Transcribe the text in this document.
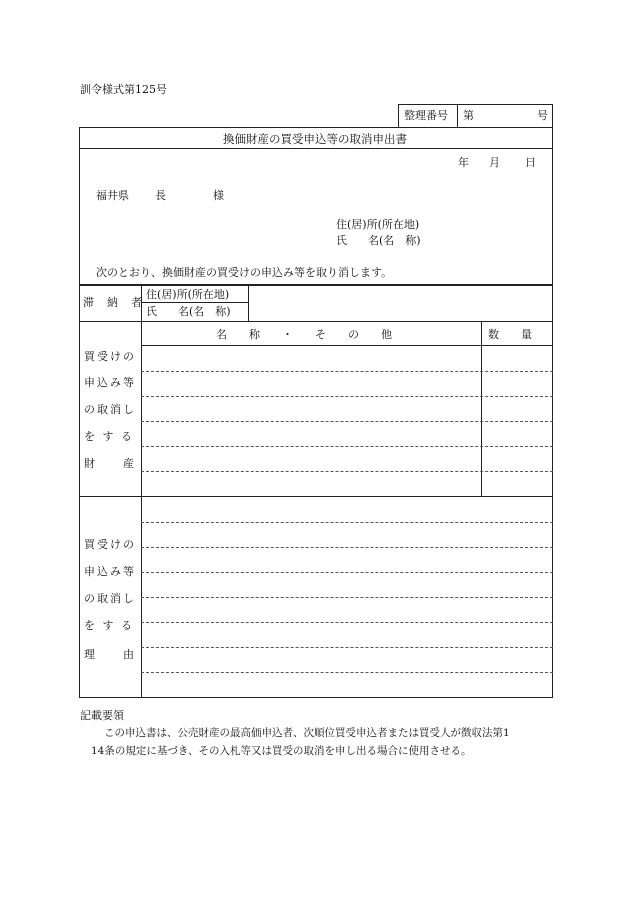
訓令様式第125号
整理番号 第	号
換価財産の買受申込等の取消申出書
年 月 日
福井県 長	様
住(居)所(所在地)
氏 名(名　称)
次のとおり、換価財産の買受けの申込み等を取り消します。
滞　納　者
住(居)所(所在地)
氏 名(名　称)
名　　称　　・　　そ　　の　　他	数　　量
買受けの
申込み等
の取消し
を す る
財　　産
買受けの
申込み等
の取消し
を す る
理　　由
記載要領
この申込書は、公売財産の最高価申込者、次順位買受申込者または買受人が徴収法第1
14条の規定に基づき、その入札等又は買受の取消を申し出る場合に使用させる。
